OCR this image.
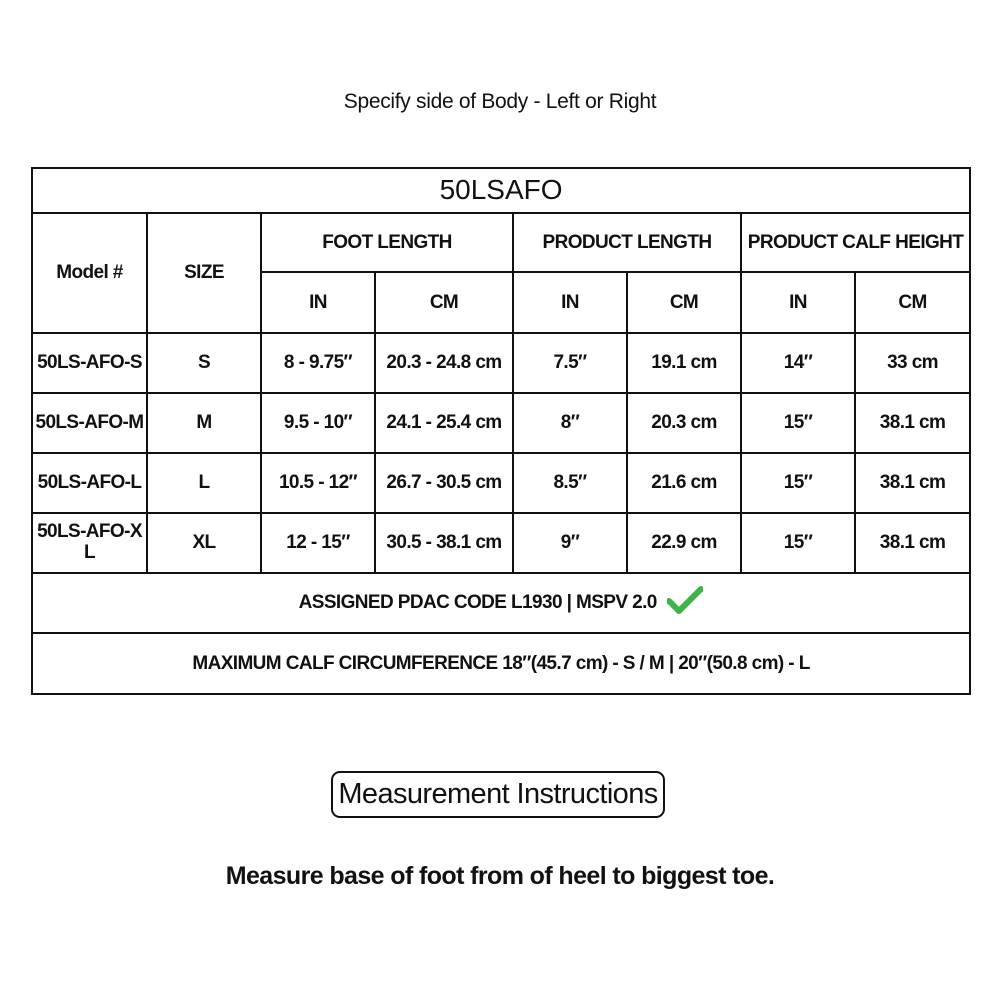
Specify side of Body - Left or Right
50LSAFO							
Model #	SIZE	FOOT LENGTH		PRODUCT LENGTH		PRODUCT CALF HEIGHT	
		IN	CM	IN	CM	IN	CM
50LS-AFO-S	S	8 - 9.75″	20.3 - 24.8 cm	7.5″	19.1 cm	14″	33 cm
50LS-AFO-M	M	9.5 - 10″	24.1 - 25.4 cm	8″	20.3 cm	15″	38.1 cm
50LS-AFO-L	L	10.5 - 12″	26.7 - 30.5 cm	8.5″	21.6 cm	15″	38.1 cm
50LS-AFO-XL	XL	12 - 15″	30.5 - 38.1 cm	9″	22.9 cm	15″	38.1 cm
ASSIGNED PDAC CODE L1930 | MSPV 2.0							
MAXIMUM CALF CIRCUMFERENCE 18″(45.7 cm) - S / M | 20″(50.8 cm) - L							
Measurement Instructions
Measure base of foot from of heel to biggest toe.
